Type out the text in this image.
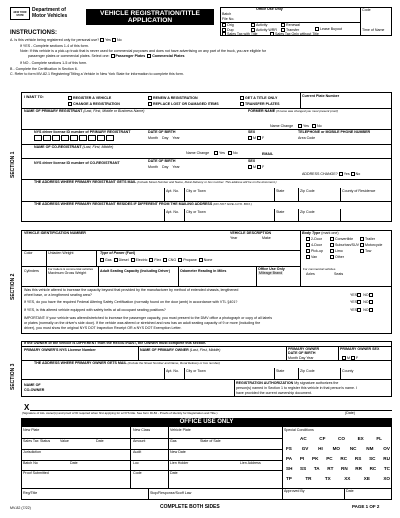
NEW YORK STATE
Department of
Motor Vehicles	VEHICLE REGISTRATION/TITLE
APPLICATION
Office Use Only
Batch
File No.
Code
Orig
Dup
Sales Tax with Title
Activity
Activity WRR
Renewal
Transfer
Sales Tax Only without Title
Lease Buyout	Time of Name
INSTRUCTIONS:
A. Is this vehicle being registered only for personal use? Yes No
If YES - Complete sections 1-4 of this form.
Note: If this vehicle is a pick-up truck that is never used for commercial purposes and does not have advertising on any part of the truck, you are eligible for
passenger plates or commercial plates. Select one: Passenger Plates Commercial Plates
If NO - Complete sections 1-5 of this form.
B - Complete the Certification in Section 6.
C. Refer to form MV-82.1 Registering/Titling a Vehicle in New York State for information to complete this form.
SECTION 1
I WANT TO:	REGISTER A VEHICLE
CHANGE A REGISTRATION
RENEW A REGISTRATION
REPLACE LOST OR DAMAGED ITEMS
GET A TITLE ONLY
TRANSFER PLATES
Current Plate Number
NAME OF PRIMARY REGISTRANT (Last, First, Middle or Business Name)	FORMER NAME (if name was changed you must present proof)
Name Change	Yes	No
NYS driver license ID number of PRIMARY REGISTRANT	DATE OF BIRTH
Month Day Year
SEX
M F
TELEPHONE or MOBILE PHONE NUMBER
Area Code
NAME OF CO-REGISTRANT (Last, First, Middle)
Name Change	Yes	No	EMAIL
NYS driver license ID number of CO-REGISTRANT	DATE OF BIRTH
Month Day Year
SEX
M F
ADDRESS CHANGE? Yes No
THE ADDRESS WHERE PRIMARY REGISTRANT GETS MAIL (Include Street Number and Name, Rural Delivery or box number. This address will be on the document.)
Apt. No. City or Town	State	Zip Code	County of Residence
THE ADDRESS WHERE PRIMARY REGISTRANT RESIDES IF DIFFERENT FROM THE MAILING ADDRESS (DO NOT GIVE A P.O. BOX.)
Apt. No. City or Town	State	Zip Code
SECTION 2
VEHICLE IDENTIFICATION NUMBER	VEHICLE DESCRIPTION
Year	Make
Body Type (mark one)
2-Door
4-Door
Pick-up
Van
Convertible
Suburban/SUV
Limo
Other
Trailer
Motorcycle
Tow
Color	Unladen Weight	Type of Power (Fuel)
Gas Diesel Electric Flex CNG Propane None
Cylinders	For trailers & commercial vehicles
Maximum Gross Weight	Adult Seating Capacity (Including Driver)	Odometer Reading in Miles	Office Use Only
Mileage Brand
For commercial vehicles
Axles	Seats
Was this vehicle altered to increase the capacity beyond that provided by the manufacturer by method of extended chassis, lengthened
wheel base, or a lengthened seating area?	YES NO
If YES, do you have the required Federal Altering Safety Certification (normally found on the door jamb) in accordance with VTL §401?	YES NO
If YES, is this altered vehicle equipped with safety belts at all occupant seating positions?	YES NO
IMPORTANT: If your vehicle was altered/stretched to increase the passenger capacity, you must present to the DMV office a photograph or copy of all labels
or plates (normally on the driver's side door). If the vehicle was altered or stretched and now has an adult seating capacity of 9 or more (including the
driver), you must show the original NYS DOT Inspection Receipt OR a NYS DOT Exemption Letter.
SECTION 3
If the OWNER of the vehicle is DIFFERENT from the REGISTRANT, the OWNER must complete this section.
PRIMARY OWNER'S NYS License Number	NAME OF PRIMARY OWNER (Last, First, Middle)	PRIMARY OWNER DATE OF BIRTH
Month Day Year
PRIMARY OWNER SEX
M F
THE ADDRESS WHERE PRIMARY OWNER GETS MAIL (Include the Street Number and Name, Rural Delivery or box number)
Apt. No. City or Town	State	Zip Code	County
NAME OF
CO-OWNER
REGISTRATION AUTHORIZATION My signature authorizes the
person(s) named in Section 1 to register this vehicle in that person's name. I
have provided the current ownership document.
X
(Signature of ALL owner(s) and proof of ID required when first applying for a NYS title. See form ID-82 - Proofs of Identity for Registration and Title.)	(Date)
OFFICE USE ONLY
New Plate	New Class	Vehicle Plate
Sales Tax Status	Value	Date	Amount	Gas	State of Sale
Jurisdiction	Audit	New Date
Batch No	Date	Loc	Lien Holder	Lien Address
Proof Submitted	Code	Date
Reg/Title	Stop/Response/Scoff Law
Special Conditions
AC	CF	CO	EX	FL
FS GV HI MO NC NM OV
PA PI PK PC RC RS SC RU
SH SS TA RT RN RR RC TC
TP	TR	TX	XX	XE	XO
Approved By	Date
MV-82 (7/22)	COMPLETE BOTH SIDES	PAGE 1 OF 2
